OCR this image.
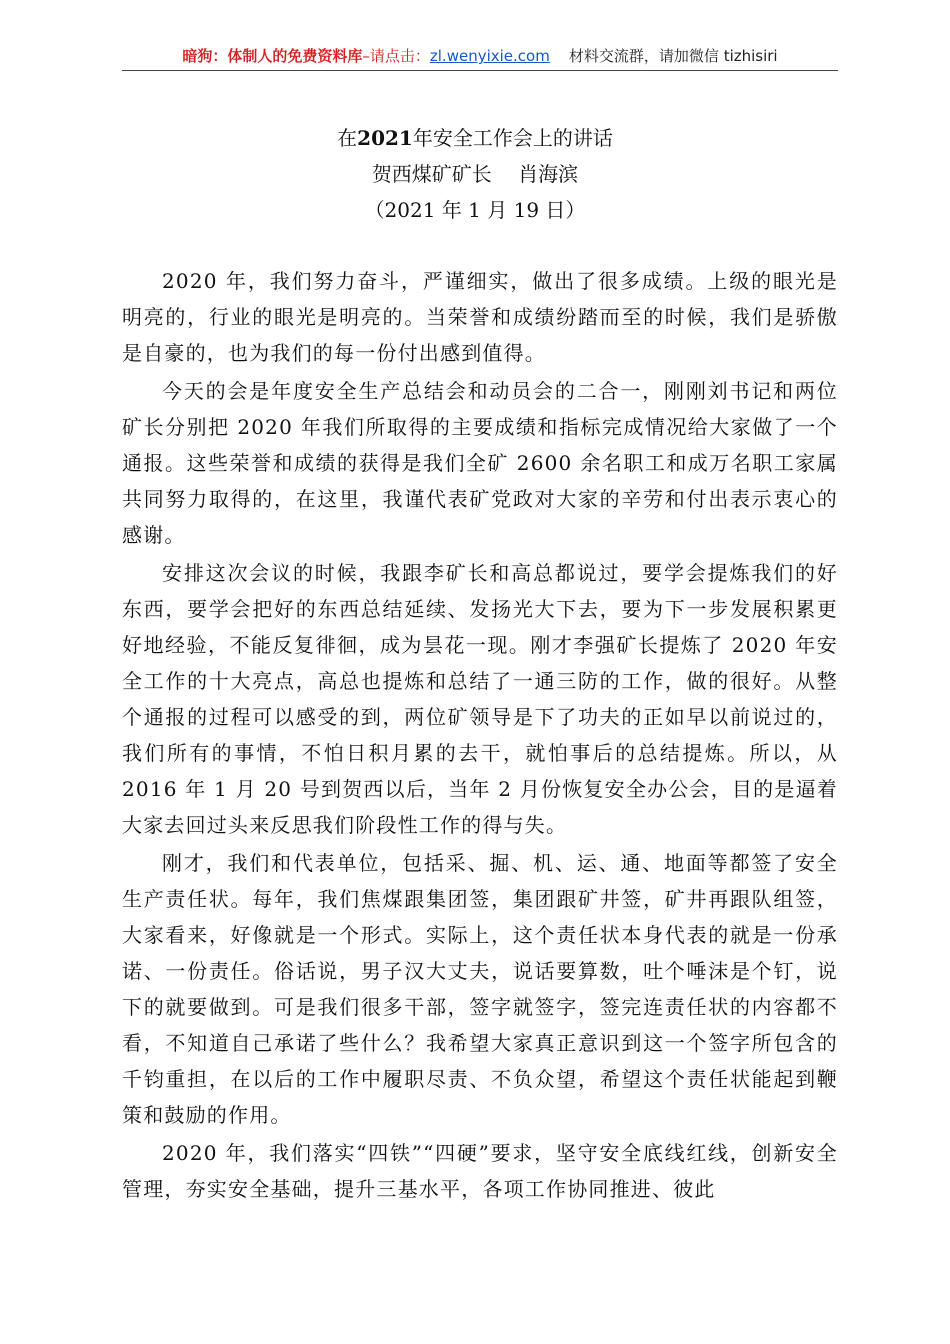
暗狗：体制人的免费资料库–请点击：zl.wenyixie.com 材料交流群，请加微信 tizhisiri
在2021年安全工作会上的讲话
贺西煤矿矿长　 肖海滨
（2021 年 1 月 19 日）

2020 年，我们努力奋斗，严谨细实，做出了很多成绩。上级的眼光是明亮的，行业的眼光是明亮的。当荣誉和成绩纷踏而至的时候，我们是骄傲是自豪的，也为我们的每一份付出感到值得。

今天的会是年度安全生产总结会和动员会的二合一，刚刚刘书记和两位矿长分别把 2020 年我们所取得的主要成绩和指标完成情况给大家做了一个通报。这些荣誉和成绩的获得是我们全矿 2600 余名职工和成万名职工家属共同努力取得的，在这里，我谨代表矿党政对大家的辛劳和付出表示衷心的感谢。

安排这次会议的时候，我跟李矿长和高总都说过，要学会提炼我们的好东西，要学会把好的东西总结延续、发扬光大下去，要为下一步发展积累更好地经验，不能反复徘徊，成为昙花一现。刚才李强矿长提炼了 2020 年安全工作的十大亮点，高总也提炼和总结了一通三防的工作，做的很好。从整个通报的过程可以感受的到，两位矿领导是下了功夫的正如早以前说过的，我们所有的事情，不怕日积月累的去干，就怕事后的总结提炼。所以，从 2016 年 1 月 20 号到贺西以后，当年 2 月份恢复安全办公会，目的是逼着大家去回过头来反思我们阶段性工作的得与失。

刚才，我们和代表单位，包括采、掘、机、运、通、地面等都签了安全生产责任状。每年，我们焦煤跟集团签，集团跟矿井签，矿井再跟队组签，大家看来，好像就是一个形式。实际上，这个责任状本身代表的就是一份承诺、一份责任。俗话说，男子汉大丈夫，说话要算数，吐个唾沫是个钉，说下的就要做到。可是我们很多干部，签字就签字，签完连责任状的内容都不看，不知道自己承诺了些什么？我希望大家真正意识到这一个签字所包含的千钧重担，在以后的工作中履职尽责、不负众望，希望这个责任状能起到鞭策和鼓励的作用。

2020 年，我们落实“四铁”“四硬”要求，坚守安全底线红线，创新安全管理，夯实安全基础，提升三基水平，各项工作协同推进、彼此
